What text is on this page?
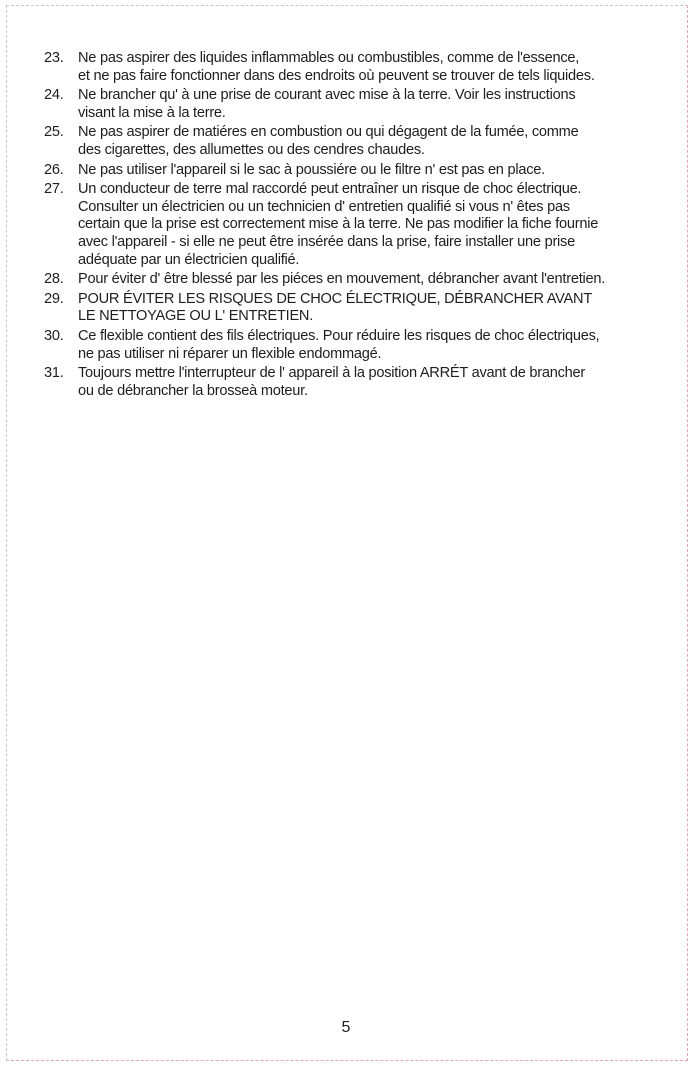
23. Ne pas aspirer des liquides inflammables ou combustibles, comme de l'essence,
et ne pas faire fonctionner dans des endroits où peuvent se trouver de tels liquides.
24. Ne brancher qu' à une prise de courant avec mise à la terre. Voir les instructions
visant la mise à la terre.
25. Ne pas aspirer de matiéres en combustion ou qui dégagent de la fumée, comme
des cigarettes, des allumettes ou des cendres chaudes.
26. Ne pas utiliser l'appareil si le sac à poussiére ou le filtre n' est pas en place.
27. Un conducteur de terre mal raccordé peut entraîner un risque de choc électrique.
Consulter un électricien ou un technicien d' entretien qualifié si vous n' êtes pas
certain que la prise est correctement mise à la terre. Ne pas modifier la fiche fournie
avec l'appareil - si elle ne peut être insérée dans la prise, faire installer une prise
adéquate par un électricien qualifié.
28. Pour éviter d' être blessé par les piéces en mouvement, débrancher avant l'entretien.
29. POUR ÉVITER LES RISQUES DE CHOC ÉLECTRIQUE, DÉBRANCHER AVANT
LE NETTOYAGE OU L' ENTRETIEN.
30. Ce flexible contient des fils électriques. Pour réduire les risques de choc électriques,
ne pas utiliser ni réparer un flexible endommagé.
31. Toujours mettre l'interrupteur de l' appareil à la position ARRÉT avant de brancher
ou de débrancher la brosseà moteur.
5
